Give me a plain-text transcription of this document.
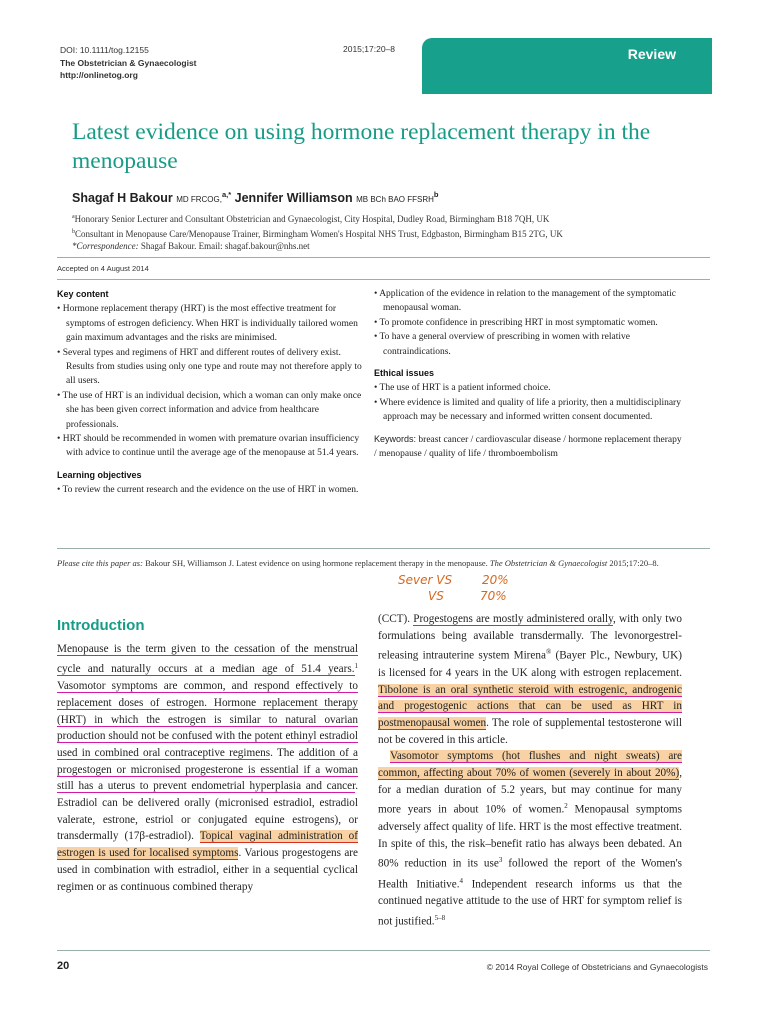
DOI: 10.1111/tog.12155
The Obstetrician & Gynaecologist
http://onlinetog.org
2015;17:20–8	Review
Latest evidence on using hormone replacement therapy in the menopause
Shagaf H Bakour MD FRCOG,$^{a,*}$ Jennifer Williamson MB BCh BAO FFSRH$^b$
$^a$Honorary Senior Lecturer and Consultant Obstetrician and Gynaecologist, City Hospital, Dudley Road, Birmingham B18 7QH, UK
$^b$Consultant in Menopause Care/Menopause Trainer, Birmingham Women's Hospital NHS Trust, Edgbaston, Birmingham B15 2TG, UK
*Correspondence: Shagaf Bakour. Email: shagaf.bakour@nhs.net
Accepted on 4 August 2014
Key content
• Hormone replacement therapy (HRT) is the most effective treatment for symptoms of estrogen deficiency. When HRT is individually tailored women gain maximum advantages and the risks are minimised.
• Several types and regimens of HRT and different routes of delivery exist. Results from studies using only one type and route may not therefore apply to all users.
• The use of HRT is an individual decision, which a woman can only make once she has been given correct information and advice from healthcare professionals.
• HRT should be recommended in women with premature ovarian insufficiency with advice to continue until the average age of the menopause at 51.4 years.
Learning objectives
• To review the current research and the evidence on the use of HRT in women.
• Application of the evidence in relation to the management of the symptomatic menopausal woman.
• To promote confidence in prescribing HRT in most symptomatic women.
• To have a general overview of prescribing in women with relative contraindications.
Ethical issues
• The use of HRT is a patient informed choice.
• Where evidence is limited and quality of life a priority, then a multidisciplinary approach may be necessary and informed written consent documented.
Keywords: breast cancer / cardiovascular disease / hormone replacement therapy / menopause / quality of life / thromboembolism
Please cite this paper as: Bakour SH, Williamson J. Latest evidence on using hormone replacement therapy in the menopause. The Obstetrician & Gynaecologist 2015;17:20–8.
Sever VS 20%
VS	70%
Introduction
Menopause is the term given to the cessation of the menstrual cycle and naturally occurs at a median age of 51.4 years.$^1$ Vasomotor symptoms are common, and respond effectively to replacement doses of estrogen. Hormone replacement therapy (HRT) in which the estrogen is similar to natural ovarian production should not be confused with the potent ethinyl estradiol used in combined oral contraceptive regimens. The addition of a progestogen or micronised progesterone is essential if a woman still has a uterus to prevent endometrial hyperplasia and cancer. Estradiol can be delivered orally (micronised estradiol, estradiol valerate, estrone, estriol or conjugated equine estrogens), or transdermally (17β-estradiol). Topical vaginal administration of estrogen is used for localised symptoms. Various progestogens are used in combination with estradiol, either in a sequential cyclical regimen or as continuous combined therapy
(CCT). Progestogens are mostly administered orally, with only two formulations being available transdermally. The levonorgestrel-releasing intrauterine system Mirena® (Bayer Plc., Newbury, UK) is licensed for 4 years in the UK along with estrogen replacement. Tibolone is an oral synthetic steroid with estrogenic, androgenic and progestogenic actions that can be used as HRT in postmenopausal women. The role of supplemental testosterone will not be covered in this article.
Vasomotor symptoms (hot flushes and night sweats) are common, affecting about 70% of women (severely in about 20%), for a median duration of 5.2 years, but may continue for many more years in about 10% of women.$^2$ Menopausal symptoms adversely affect quality of life. HRT is the most effective treatment. In spite of this, the risk–benefit ratio has always been debated. An 80% reduction in its use$^3$ followed the report of the Women's Health Initiative.$^4$ Independent research informs us that the continued negative attitude to the use of HRT for symptom relief is not justified.$^{5-8}$
20	© 2014 Royal College of Obstetricians and Gynaecologists
